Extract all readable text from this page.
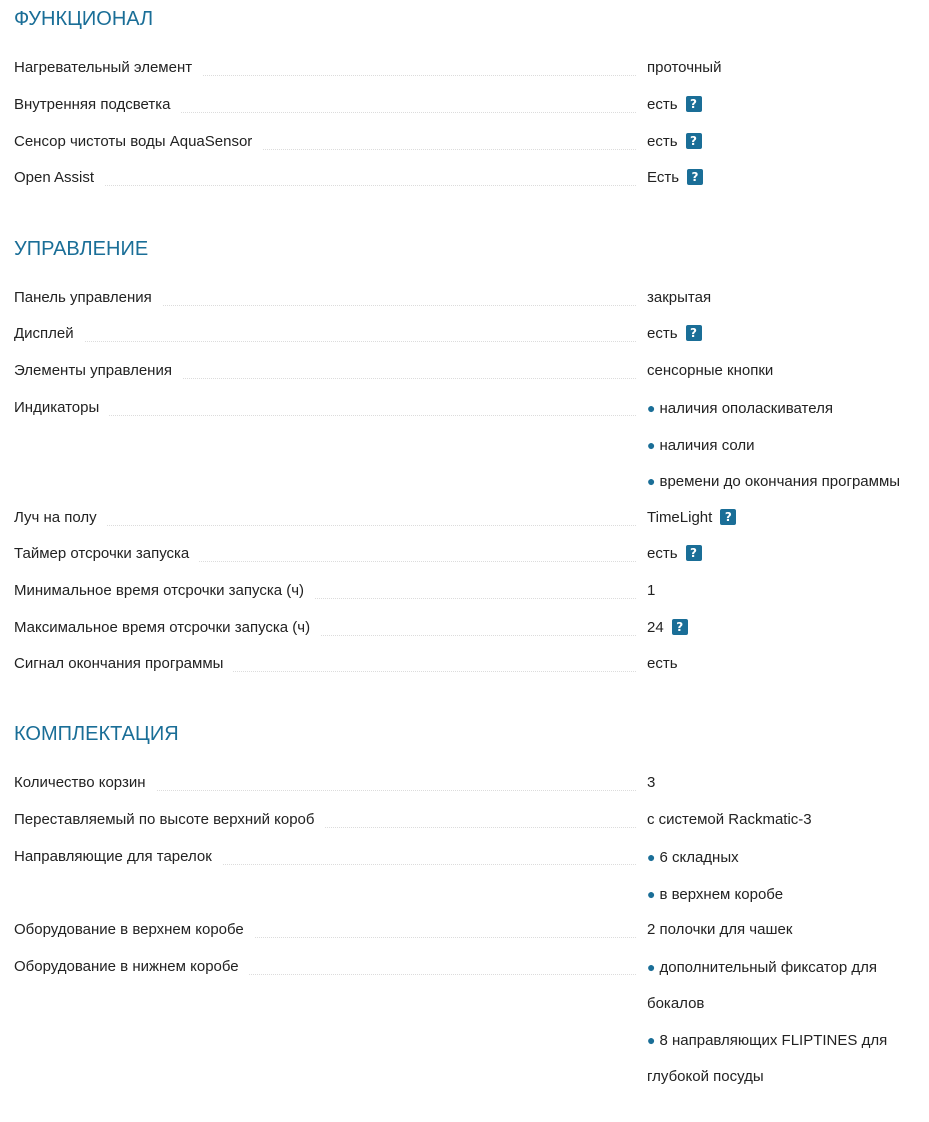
ФУНКЦИОНАЛ
Нагревательный элемент	проточный
Внутренняя подсветка	есть ?
Сенсор чистоты воды AquaSensor	есть ?
Open Assist	Есть ?
УПРАВЛЕНИЕ
Панель управления	закрытая
Дисплей	есть ?
Элементы управления	сенсорные кнопки
Индикаторы	● наличия ополаскивателя
● наличия соли
● времени до окончания программы
Луч на полу	TimeLight ?
Таймер отсрочки запуска	есть ?
Минимальное время отсрочки запуска (ч)	1
Максимальное время отсрочки запуска (ч)	24 ?
Сигнал окончания программы	есть
КОМПЛЕКТАЦИЯ
Количество корзин	3
Переставляемый по высоте верхний короб	с системой Rackmatic-3
Направляющие для тарелок	● 6 складных
● в верхнем коробе
Оборудование в верхнем коробе	2 полочки для чашек
Оборудование в нижнем коробе	● дополнительный фиксатор для
бокалов
● 8 направляющих FLIPTINES для
глубокой посуды
